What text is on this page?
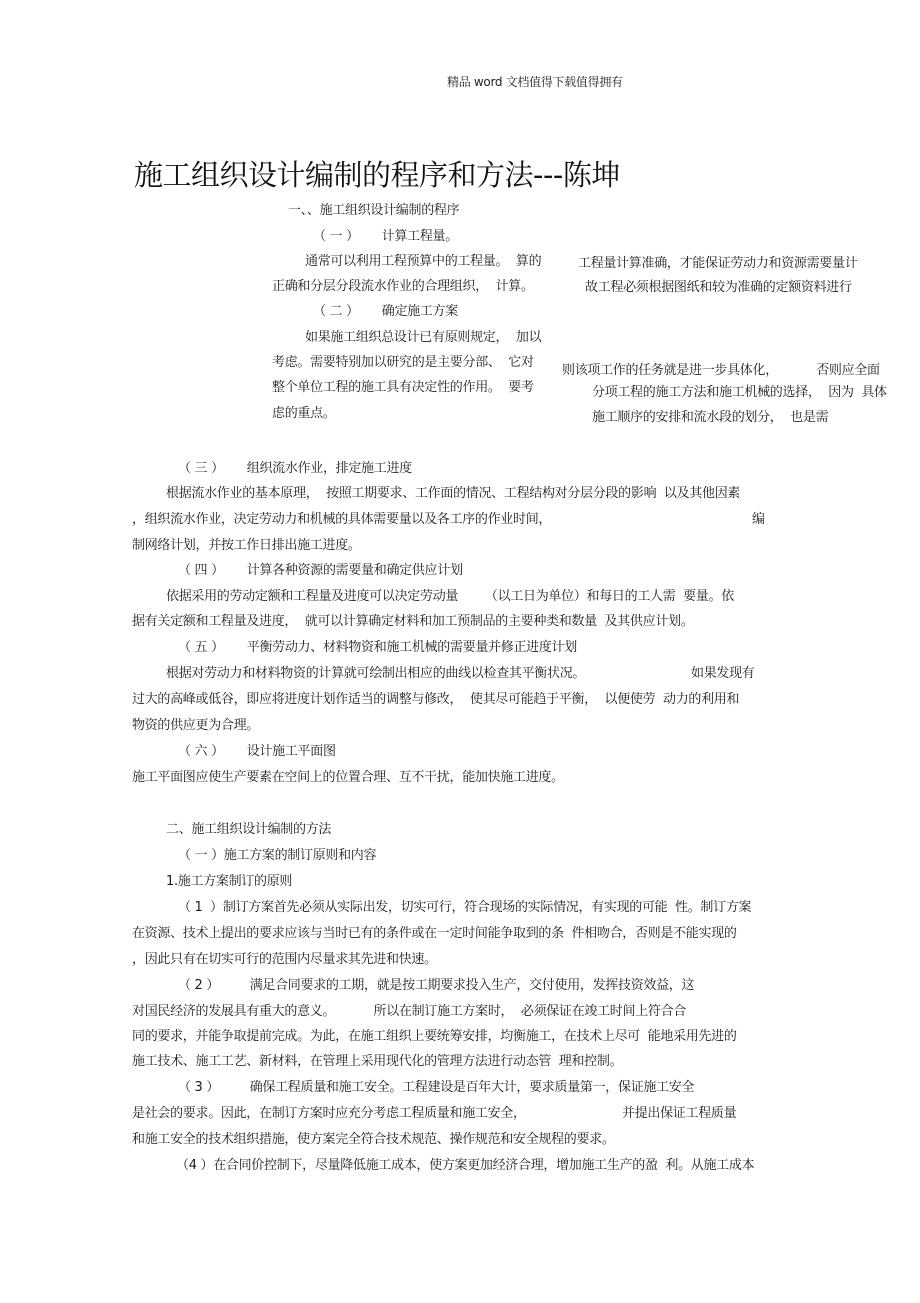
精品 word 文档值得下载值得拥有
施工组织设计编制的程序和方法---陈坤
一、、施工组织设计编制的程序
（ 一 ）      计算工程量。
通常可以利用工程预算中的工程量。  算的
正确和分层分段流水作业的合理组织，  计算。
工程量计算准确，才能保证劳动力和资源需要量计
故工程必须根据图纸和较为准确的定额资料进行
（ 二 ）      确定施工方案
如果施工组织总设计已有原则规定，  加以
考虑。需要特别加以研究的是主要分部、  它对
整个单位工程的施工具有决定性的作用。  要考
虑的重点。
则该项工作的任务就是进一步具体化，          否则应全面
分项工程的施工方法和施工机械的选择，  因为  具体
施工顺序的安排和流水段的划分，  也是需
（ 三 ）      组织流水作业，排定施工进度
根据流水作业的基本原理，  按照工期要求、工作面的情况、工程结构对分层分段的影响  以及其他因素
，组织流水作业，决定劳动力和机械的具体需要量以及各工序的作业时间，	编
制网络计划，并按工作日排出施工进度。
（ 四 ）      计算各种资源的需要量和确定供应计划
依据采用的劳动定额和工程量及进度可以决定劳动量       （以工日为单位）和每日的工人需  要量。依
据有关定额和工程量及进度，  就可以计算确定材料和加工预制品的主要种类和数量  及其供应计划。
（ 五 ）      平衡劳动力、材料物资和施工机械的需要量并修正进度计划
根据对劳动力和材料物资的计算就可绘制出相应的曲线以检查其平衡状况。	如果发现有
过大的高峰或低谷，即应将进度计划作适当的调整与修改，  使其尽可能趋于平衡，  以便使劳  动力的利用和
物资的供应更为合理。
（ 六 ）      设计施工平面图
施工平面图应使生产要素在空间上的位置合理、互不干扰，能加快施工进度。
二、施工组织设计编制的方法
（ 一 ）施工方案的制订原则和内容
1.施工方案制订的原则
（ 1  ）制订方案首先必须从实际出发，切实可行，符合现场的实际情况，有实现的可能  性。制订方案
在资源、技术上提出的要求应该与当时已有的条件或在一定时间能争取到的条  件相吻合，否则是不能实现的
，因此只有在切实可行的范围内尽量求其先进和快速。
（ 2 ）        满足合同要求的工期，就是按工期要求投入生产，交付使用，发挥技资效益，这
对国民经济的发展具有重大的意义。          所以在制订施工方案时，  必须保证在竣工时间上符合合
同的要求，并能争取提前完成。为此，在施工组织上要统筹安排，均衡施工，在技术上尽可  能地采用先进的
施工技术、施工工艺、新材料，在管理上采用现代化的管理方法进行动态管  理和控制。
（ 3 ）        确保工程质量和施工安全。工程建设是百年大计，要求质量第一，保证施工安全
是社会的要求。因此，在制订方案时应充分考虑工程质量和施工安全，	并提出保证工程质量
和施工安全的技术组织措施，使方案完全符合技术规范、操作规范和安全规程的要求。
（4 ）在合同价控制下，尽量降低施工成本，使方案更加经济合理，增加施工生产的盈  利。从施工成本
